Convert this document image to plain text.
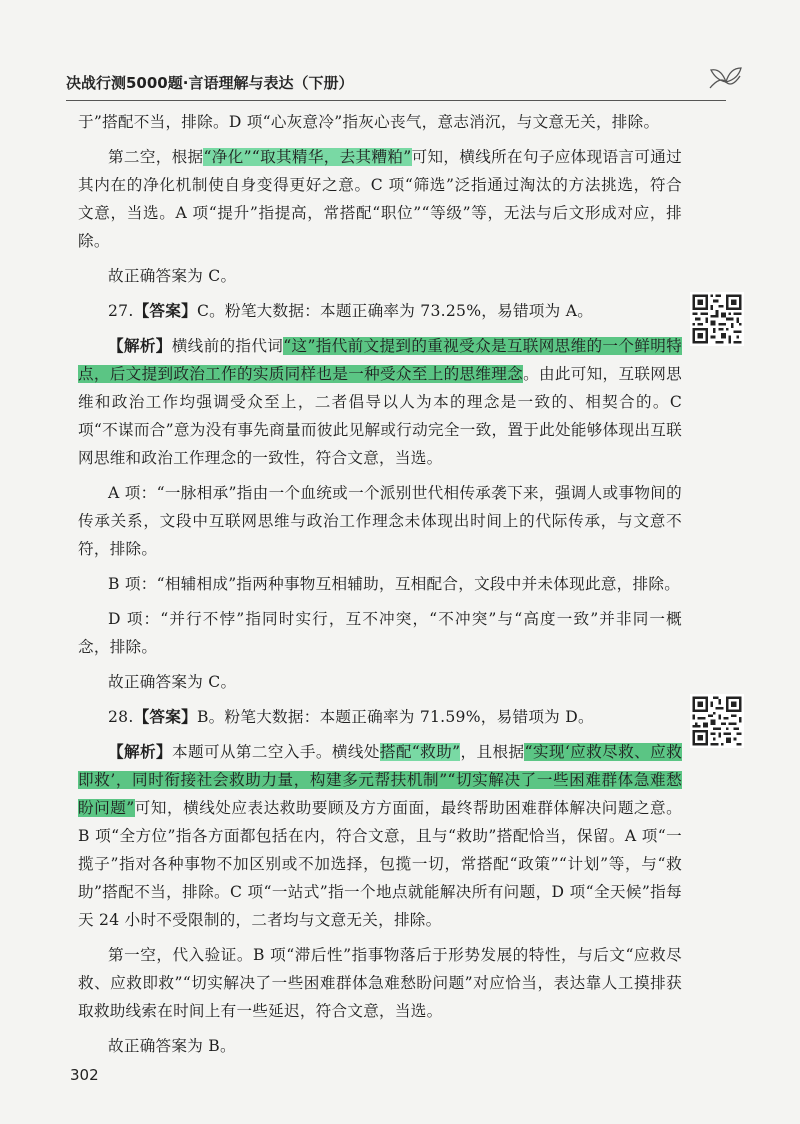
决战行测5000题·言语理解与表达（下册）

于”搭配不当，排除。D 项“心灰意冷”指灰心丧气，意志消沉，与文意无关，排除。

第二空，根据“净化”“取其精华，去其糟粕”可知，横线所在句子应体现语言可通过其内在的净化机制使自身变得更好之意。C 项“筛选”泛指通过淘汰的方法挑选，符合文意，当选。A 项“提升”指提高，常搭配“职位”“等级”等，无法与后文形成对应，排除。

故正确答案为 C。

27.【答案】C。粉笔大数据：本题正确率为 73.25%，易错项为 A。

【解析】横线前的指代词“这”指代前文提到的重视受众是互联网思维的一个鲜明特点，后文提到政治工作的实质同样也是一种受众至上的思维理念。由此可知，互联网思维和政治工作均强调受众至上，二者倡导以人为本的理念是一致的、相契合的。C 项“不谋而合”意为没有事先商量而彼此见解或行动完全一致，置于此处能够体现出互联网思维和政治工作理念的一致性，符合文意，当选。

A 项：“一脉相承”指由一个血统或一个派别世代相传承袭下来，强调人或事物间的传承关系，文段中互联网思维与政治工作理念未体现出时间上的代际传承，与文意不符，排除。

B 项：“相辅相成”指两种事物互相辅助，互相配合，文段中并未体现此意，排除。

D 项：“并行不悖”指同时实行，互不冲突，“不冲突”与“高度一致”并非同一概念，排除。

故正确答案为 C。

28.【答案】B。粉笔大数据：本题正确率为 71.59%，易错项为 D。

【解析】本题可从第二空入手。横线处搭配“救助”，且根据“实现‘应救尽救、应救即救’，同时衔接社会救助力量，构建多元帮扶机制”“切实解决了一些困难群体急难愁盼问题”可知，横线处应表达救助要顾及方方面面，最终帮助困难群体解决问题之意。B 项“全方位”指各方面都包括在内，符合文意，且与“救助”搭配恰当，保留。A 项“一揽子”指对各种事物不加区别或不加选择，包揽一切，常搭配“政策”“计划”等，与“救助”搭配不当，排除。C 项“一站式”指一个地点就能解决所有问题，D 项“全天候”指每天 24 小时不受限制的，二者均与文意无关，排除。

第一空，代入验证。B 项“滞后性”指事物落后于形势发展的特性，与后文“应救尽救、应救即救”“切实解决了一些困难群体急难愁盼问题”对应恰当，表达靠人工摸排获取救助线索在时间上有一些延迟，符合文意，当选。

故正确答案为 B。

302
